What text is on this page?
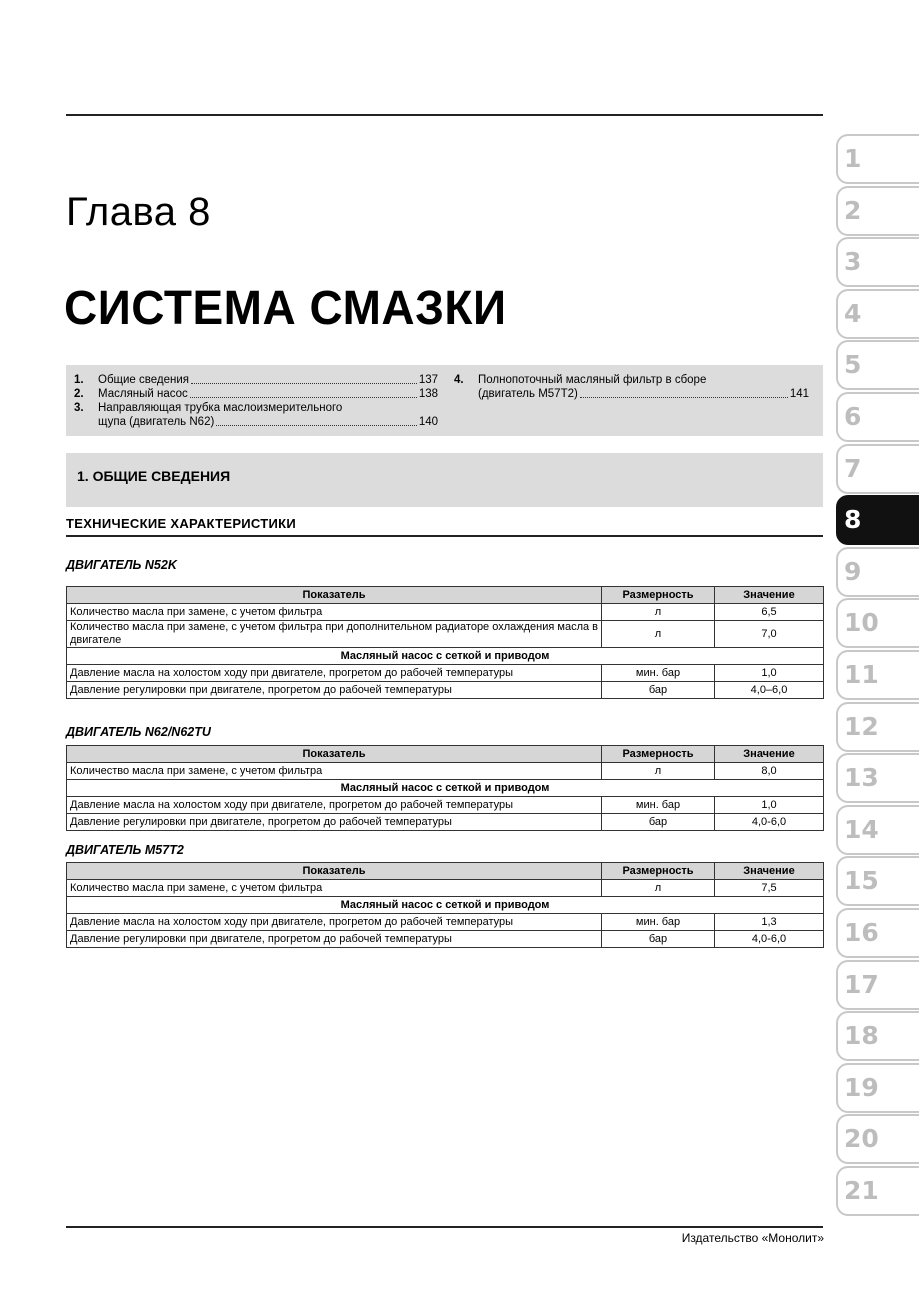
Глава 8
СИСТЕМА СМАЗКИ
1.	Общие сведения	137
2.	Масляный насос	138
3.	Направляющая трубка маслоизмерительного
щупа (двигатель N62)	140
4.	Полнопоточный масляный фильтр в сборе
(двигатель М57Т2)	141
1. ОБЩИЕ СВЕДЕНИЯ
ТЕХНИЧЕСКИЕ ХАРАКТЕРИСТИКИ
ДВИГАТЕЛЬ N52K
Показатель	Размерность	Значение
Количество масла при замене, с учетом фильтра	л	6,5
Количество масла при замене, с учетом фильтра при дополнительном радиаторе охлаждения масла в двигателе	л	7,0
Масляный насос с сеткой и приводом		
Давление масла на холостом ходу при двигателе, прогретом до рабочей температуры	мин. бар	1,0
Давление регулировки при двигателе, прогретом до рабочей температуры	бар	4,0–6,0
ДВИГАТЕЛЬ N62/N62TU
Показатель	Размерность	Значение
Количество масла при замене, с учетом фильтра	л	8,0
Масляный насос с сеткой и приводом		
Давление масла на холостом ходу при двигателе, прогретом до рабочей температуры	мин. бар	1,0
Давление регулировки при двигателе, прогретом до рабочей температуры	бар	4,0-6,0
ДВИГАТЕЛЬ M57T2
Показатель	Размерность	Значение
Количество масла при замене, с учетом фильтра	л	7,5
Масляный насос с сеткой и приводом		
Давление масла на холостом ходу при двигателе, прогретом до рабочей температуры	мин. бар	1,3
Давление регулировки при двигателе, прогретом до рабочей температуры	бар	4,0-6,0
Издательство «Монолит»
1
2
3
4
5
6
7
8
9
10
11
12
13
14
15
16
17
18
19
20
21
